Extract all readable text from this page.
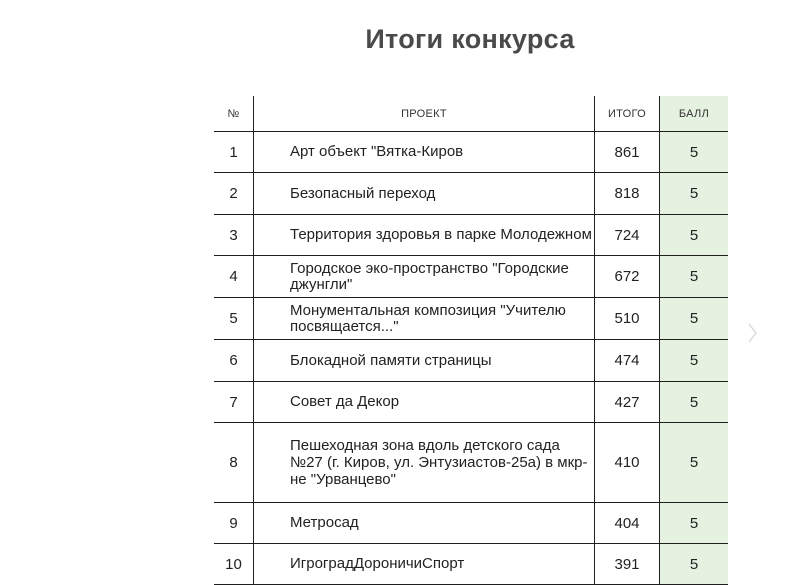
Итоги конкурса
№	ПРОЕКТ	ИТОГО	БАЛЛ
1	Арт объект "Вятка-Киров	861	5
2	Безопасный переход	818	5
3	Территория здоровья в парке Молодежном	724	5
4	Городское эко-пространство "Городские джунгли"	672	5
5	Монументальная композиция "Учителю посвящается..."	510	5
6	Блокадной памяти страницы	474	5
7	Совет да Декор	427	5
8
Пешеходная зона вдоль детского сада №27 (г. Киров, ул. Энтузиастов-25а) в мкр-не "Урванцево"
410	5
9	Метросад	404	5
10	ИгроградДороничиСпорт	391	5
